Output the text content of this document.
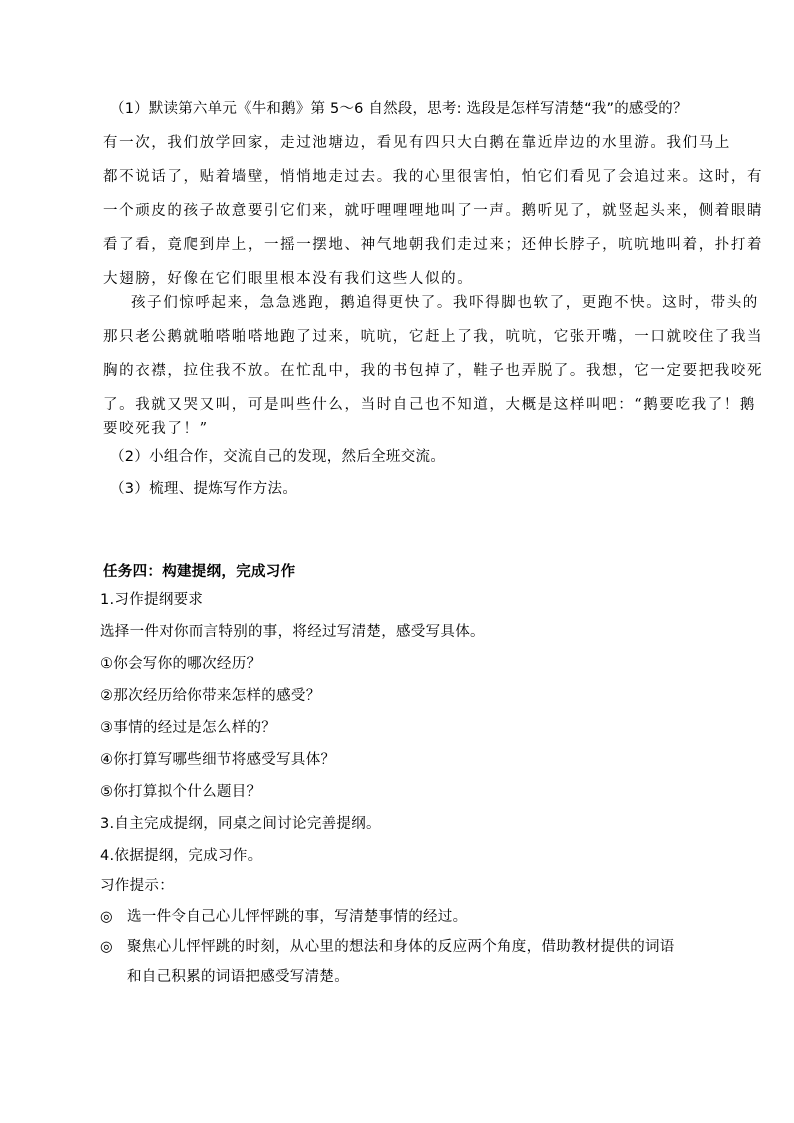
（1）默读第六单元《牛和鹅》第 5～6 自然段，思考: 选段是怎样写清楚“我”的感受的？
有一次，我们放学回家，走过池塘边，看见有四只大白鹅在靠近岸边的水里游。我们马上
都不说话了，贴着墙壁，悄悄地走过去。我的心里很害怕，怕它们看见了会追过来。这时，有
一个顽皮的孩子故意要引它们来，就吁哩哩哩地叫了一声。鹅听见了，就竖起头来，侧着眼睛
看了看，竟爬到岸上，一摇一摆地、神气地朝我们走过来；还伸长脖子，吭吭地叫着，扑打着
大翅膀，好像在它们眼里根本没有我们这些人似的。
孩子们惊呼起来，急急逃跑，鹅追得更快了。我吓得脚也软了，更跑不快。这时，带头的
那只老公鹅就啪嗒啪嗒地跑了过来，吭吭，它赶上了我，吭吭，它张开嘴，一口就咬住了我当
胸的衣襟，拉住我不放。在忙乱中，我的书包掉了，鞋子也弄脱了。我想，它一定要把我咬死
了。我就又哭又叫，可是叫些什么，当时自己也不知道，大概是这样叫吧：“鹅要吃我了！鹅
要咬死我了！”
（2）小组合作，交流自己的发现，然后全班交流。
（3）梳理、提炼写作方法。
任务四：构建提纲，完成习作
1.习作提纲要求
选择一件对你而言特别的事，将经过写清楚，感受写具体。
①你会写你的哪次经历？
②那次经历给你带来怎样的感受？
③事情的经过是怎么样的？
④你打算写哪些细节将感受写具体？
⑤你打算拟个什么题目？
3.自主完成提纲，同桌之间讨论完善提纲。
4.依据提纲，完成习作。
习作提示：
◎ 选一件令自己心儿怦怦跳的事，写清楚事情的经过。
◎ 聚焦心儿怦怦跳的时刻，从心里的想法和身体的反应两个角度，借助教材提供的词语
和自己积累的词语把感受写清楚。
